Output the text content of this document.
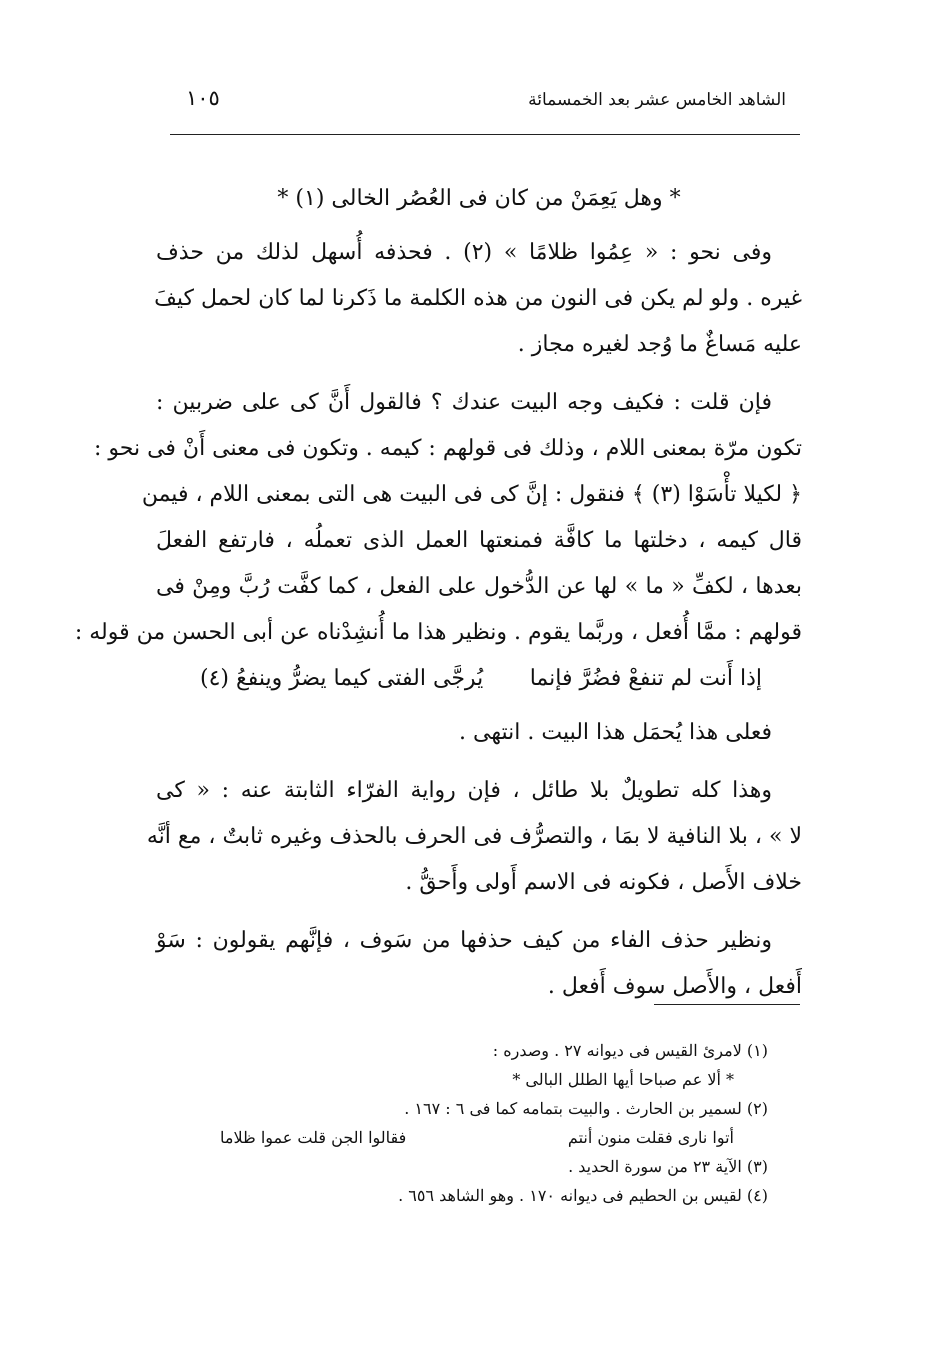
الشاهد الخامس عشر بعد الخمسمائة
١٠٥
* وهل يَعِمَنْ من كان فى العُصُر الخالى (١) *
وفى نحو : « عِمُوا ظلامًا » (٢) . فحذفه أُسهل لذلك من حذف
غيره . ولو لم يكن فى النون من هذه الكلمة ما ذَكرنا لما كان لحمل كيفَ
عليه مَساغٌ ما وُجد لغيره مجاز .
فإن قلت : فكيف وجه البيت عندك ؟ فالقول أَنَّ كى على ضربين :
تكون مرّة بمعنى اللام ، وذلك فى قولهم : كيمه . وتكون فى معنى أَنْ فى نحو :
﴿ لكيلا تأْسَوْا (٣) ﴾ فنقول : إنَّ كى فى البيت هى التى بمعنى اللام ، فيمن
قال كيمه ، دخلتها ما كافَّة فمنعتها العمل الذى تعملُه ، فارتفع الفعلَ
بعدها ، لكفِّ « ما » لها عن الدُّخول على الفعل ، كما كفَّت رُبَّ ومِنْ فى
قولهم : ممَّا أُفعل ، وربَّما يقوم . ونظير هذا ما أُنشِدْناه عن أبى الحسن من قوله :
إذا أَنت لم تنفعْ فضُرَّ فإنما
يُرجَّى الفتى كيما يضرُّ وينفعُ (٤)
فعلى هذا يُحمَل هذا البيت . انتهى .
وهذا كله تطويلٌ بلا طائل ، فإن رواية الفرّاء الثابتة عنه : « كى
لا » ، بلا النافية لا بمَا ، والتصرُّف فى الحرف بالحذف وغيره ثابتٌ ، مع أنَّه
خلاف الأَصل ، فكونه فى الاسم أَولى وأَحقُّ .
ونظير حذف الفاء من كيف حذفها من سَوف ، فإنَّهم يقولون : سَوْ
أَفعل ، والأَصل سوف أَفعل .
(١) لامرئ القيس فى ديوانه ٢٧ . وصدره :
* ألا عم صباحا أيها الطلل البالى *
(٢) لسمير بن الحارث . والبيت بتمامه كما فى ٦ : ١٦٧ .
أتوا نارى فقلت منون أنتم
فقالوا الجن قلت عموا ظلاما
(٣) الآية ٢٣ من سورة الحديد .
(٤) لقيس بن الحطيم فى ديوانه ١٧٠ . وهو الشاهد ٦٥٦ .
